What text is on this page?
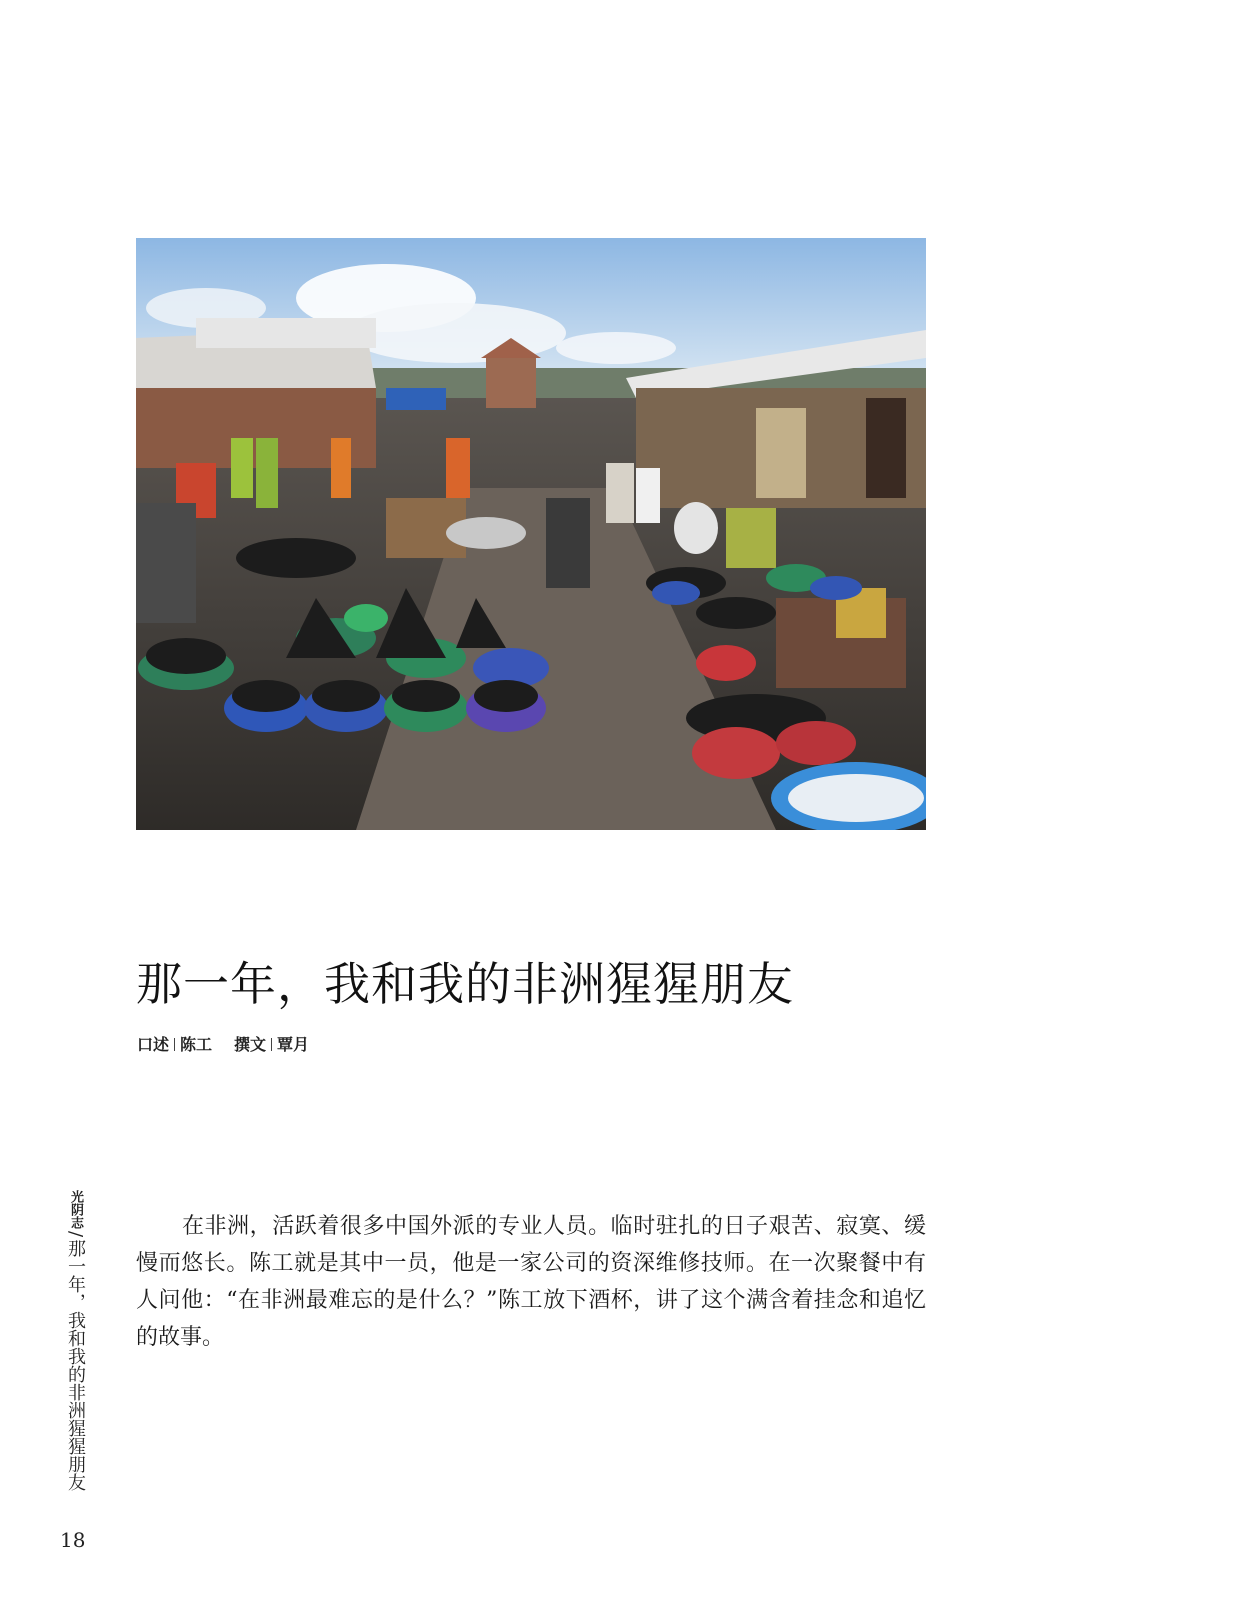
那一年，我和我的非洲猩猩朋友
口述 陈工 撰文 覃月

在非洲，活跃着很多中国外派的专业人员。临时驻扎的日子艰苦、寂寞、缓慢而悠长。陈工就是其中一员，他是一家公司的资深维修技师。在一次聚餐中有人问他：“在非洲最难忘的是什么？”陈工放下酒杯，讲了这个满含着挂念和追忆的故事。

光阴志/那一年，我和我的非洲猩猩朋友
18
